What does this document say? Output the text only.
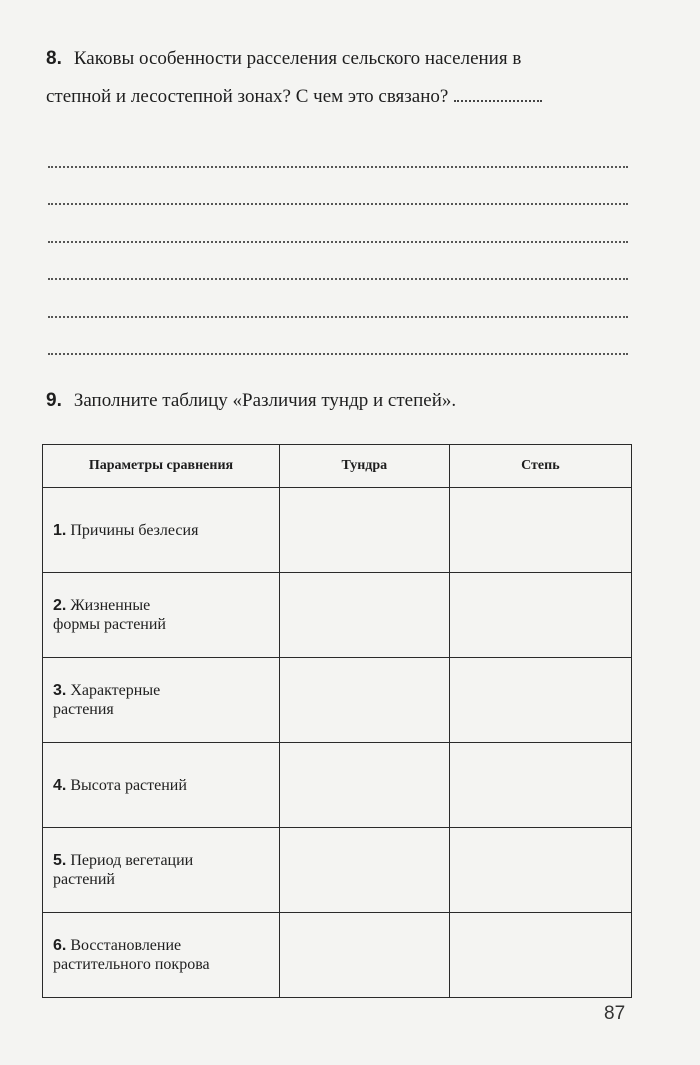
8. Каковы особенности расселения сельского населения в
степной и лесостепной зонах? С чем это связано?
9. Заполните таблицу «Различия тундр и степей».
Параметры сравнения	Тундра	Степь
1. Причины безлесия		
2. Жизненные
формы растений		
3. Характерные
растения		
4. Высота растений		
5. Период вегетации
растений		
6. Восстановление
растительного покрова		
87
